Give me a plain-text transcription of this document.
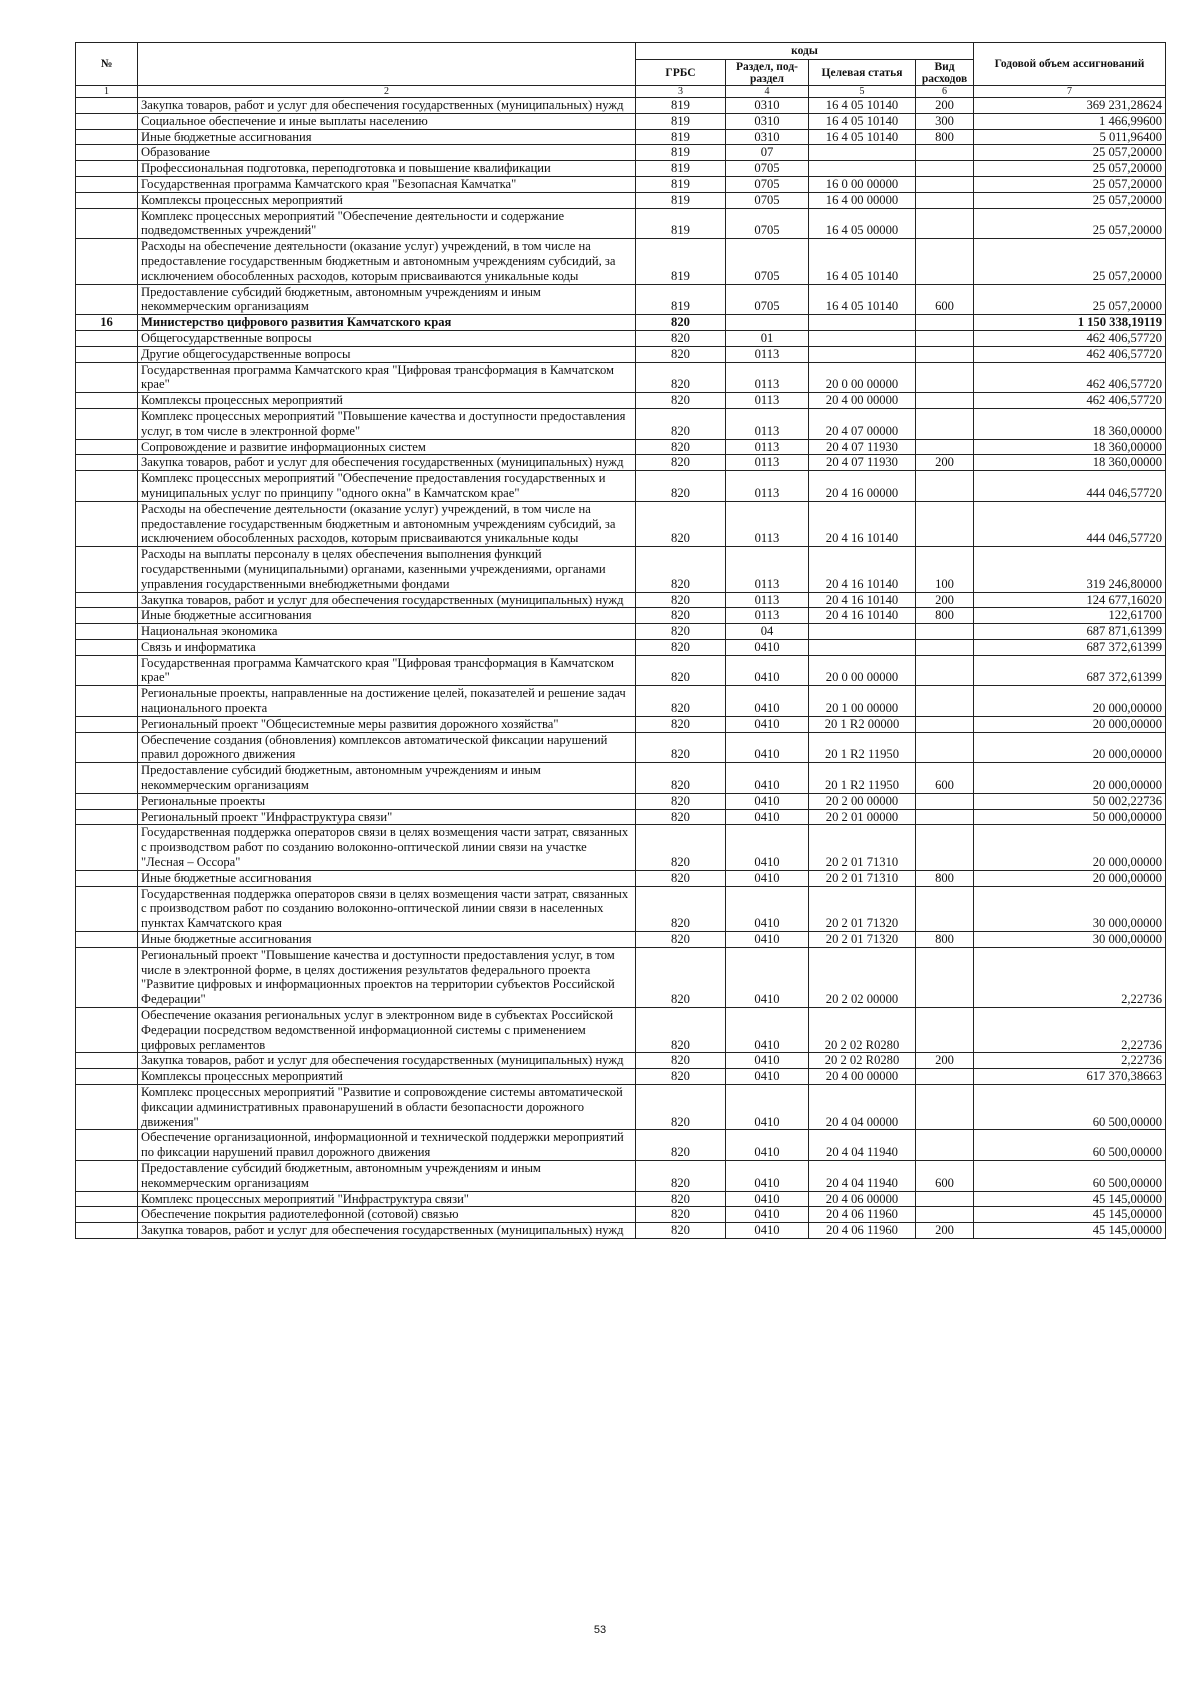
№		коды				Годовой объем ассигнований
		ГРБС	Раздел, под-раздел	Целевая статья	Вид расходов	
1	2	3	4	5	6	7
	Закупка товаров, работ и услуг для обеспечения государственных (муниципальных) нужд	819	0310	16 4 05 10140	200	369 231,28624
	Социальное обеспечение и иные выплаты населению	819	0310	16 4 05 10140	300	1 466,99600
	Иные бюджетные ассигнования	819	0310	16 4 05 10140	800	5 011,96400
	Образование	819	07			25 057,20000
	Профессиональная подготовка, переподготовка и повышение квалификации	819	0705			25 057,20000
	Государственная программа Камчатского края "Безопасная Камчатка"	819	0705	16 0 00 00000		25 057,20000
	Комплексы процессных мероприятий	819	0705	16 4 00 00000		25 057,20000
	Комплекс процессных мероприятий "Обеспечение деятельности и содержание подведомственных учреждений"	819	0705	16 4 05 00000		25 057,20000
	Расходы на обеспечение деятельности (оказание услуг) учреждений, в том числе на предоставление государственным бюджетным и автономным учреждениям субсидий, за исключением обособленных расходов, которым присваиваются уникальные коды	819	0705	16 4 05 10140		25 057,20000
	Предоставление субсидий бюджетным, автономным учреждениям и иным некоммерческим организациям	819	0705	16 4 05 10140	600	25 057,20000
16	Министерство цифрового развития Камчатского края	820				1 150 338,19119
	Общегосударственные вопросы	820	01			462 406,57720
	Другие общегосударственные вопросы	820	0113			462 406,57720
	Государственная программа Камчатского края "Цифровая трансформация в Камчатском крае"	820	0113	20 0 00 00000		462 406,57720
	Комплексы процессных мероприятий	820	0113	20 4 00 00000		462 406,57720
	Комплекс процессных мероприятий "Повышение качества и доступности предоставления услуг, в том числе в электронной форме"	820	0113	20 4 07 00000		18 360,00000
	Сопровождение и развитие информационных систем	820	0113	20 4 07 11930		18 360,00000
	Закупка товаров, работ и услуг для обеспечения государственных (муниципальных) нужд	820	0113	20 4 07 11930	200	18 360,00000
	Комплекс процессных мероприятий "Обеспечение предоставления государственных и муниципальных услуг по принципу "одного окна" в Камчатском крае"	820	0113	20 4 16 00000		444 046,57720
	Расходы на обеспечение деятельности (оказание услуг) учреждений, в том числе на предоставление государственным бюджетным и автономным учреждениям субсидий, за исключением обособленных расходов, которым присваиваются уникальные коды	820	0113	20 4 16 10140		444 046,57720
	Расходы на выплаты персоналу в целях обеспечения выполнения функций государственными (муниципальными) органами, казенными учреждениями, органами управления государственными внебюджетными фондами	820	0113	20 4 16 10140	100	319 246,80000
	Закупка товаров, работ и услуг для обеспечения государственных (муниципальных) нужд	820	0113	20 4 16 10140	200	124 677,16020
	Иные бюджетные ассигнования	820	0113	20 4 16 10140	800	122,61700
	Национальная экономика	820	04			687 871,61399
	Связь и информатика	820	0410			687 372,61399
	Государственная программа Камчатского края "Цифровая трансформация в Камчатском крае"	820	0410	20 0 00 00000		687 372,61399
	Региональные проекты, направленные на достижение целей, показателей и решение задач национального проекта	820	0410	20 1 00 00000		20 000,00000
	Региональный проект "Общесистемные меры развития дорожного хозяйства"	820	0410	20 1 R2 00000		20 000,00000
	Обеспечение создания (обновления) комплексов автоматической фиксации нарушений правил дорожного движения	820	0410	20 1 R2 11950		20 000,00000
	Предоставление субсидий бюджетным, автономным учреждениям и иным некоммерческим организациям	820	0410	20 1 R2 11950	600	20 000,00000
	Региональные проекты	820	0410	20 2 00 00000		50 002,22736
	Региональный проект "Инфраструктура связи"	820	0410	20 2 01 00000		50 000,00000
	Государственная поддержка операторов связи в целях возмещения части затрат, связанных с производством работ по созданию волоконно-оптической линии связи на участке "Лесная – Оссора"	820	0410	20 2 01 71310		20 000,00000
	Иные бюджетные ассигнования	820	0410	20 2 01 71310	800	20 000,00000
	Государственная поддержка операторов связи в целях возмещения части затрат, связанных с производством работ по созданию волоконно-оптической линии связи в населенных пунктах Камчатского края	820	0410	20 2 01 71320		30 000,00000
	Иные бюджетные ассигнования	820	0410	20 2 01 71320	800	30 000,00000
	Региональный проект "Повышение качества и доступности предоставления услуг, в том числе в электронной форме, в целях достижения результатов федерального проекта "Развитие цифровых и информационных проектов на территории субъектов Российской Федерации"	820	0410	20 2 02 00000		2,22736
	Обеспечение оказания региональных услуг в электронном виде в субъектах Российской Федерации посредством ведомственной информационной системы с применением цифровых регламентов	820	0410	20 2 02 R0280		2,22736
	Закупка товаров, работ и услуг для обеспечения государственных (муниципальных) нужд	820	0410	20 2 02 R0280	200	2,22736
	Комплексы процессных мероприятий	820	0410	20 4 00 00000		617 370,38663
	Комплекс процессных мероприятий "Развитие и сопровождение системы автоматической фиксации административных правонарушений в области безопасности дорожного движения"	820	0410	20 4 04 00000		60 500,00000
	Обеспечение организационной, информационной и технической поддержки мероприятий по фиксации нарушений правил дорожного движения	820	0410	20 4 04 11940		60 500,00000
	Предоставление субсидий бюджетным, автономным учреждениям и иным некоммерческим организациям	820	0410	20 4 04 11940	600	60 500,00000
	Комплекс процессных мероприятий "Инфраструктура связи"	820	0410	20 4 06 00000		45 145,00000
	Обеспечение покрытия радиотелефонной (сотовой) связью	820	0410	20 4 06 11960		45 145,00000
	Закупка товаров, работ и услуг для обеспечения государственных (муниципальных) нужд	820	0410	20 4 06 11960	200	45 145,00000
53
